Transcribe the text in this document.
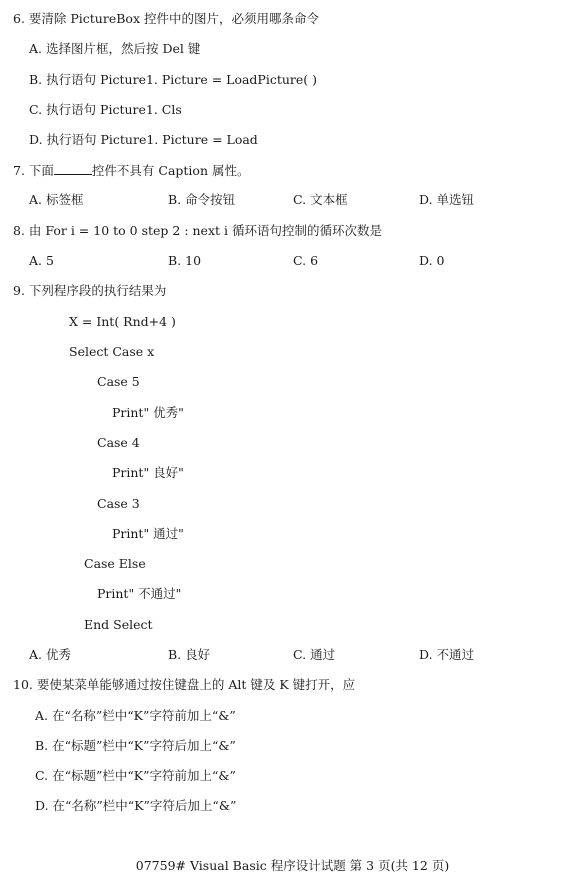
6. 要清除 PictureBox 控件中的图片，必须用哪条命令
A. 选择图片框，然后按 Del 键
B. 执行语句 Picture1. Picture = LoadPicture( )
C. 执行语句 Picture1. Cls
D. 执行语句 Picture1. Picture = Load
7. 下面	控件不具有 Caption 属性。
A. 标签框	B. 命令按钮	C. 文本框	D. 单选钮
8. 由 For i = 10 to 0 step 2 : next i 循环语句控制的循环次数是
A. 5	B. 10	C. 6	D. 0
9. 下列程序段的执行结果为
X = Int( Rnd+4 )
Select Case x
Case 5
Print" 优秀"
Case 4
Print" 良好"
Case 3
Print" 通过"
Case Else
Print" 不通过"
End Select
A. 优秀	B. 良好	C. 通过	D. 不通过
10. 要使某菜单能够通过按住键盘上的 Alt 键及 K 键打开，应
A. 在“名称”栏中“K”字符前加上“&”
B. 在“标题”栏中“K”字符后加上“&”
C. 在“标题”栏中“K”字符前加上“&”
D. 在“名称”栏中“K”字符后加上“&”
07759# Visual Basic 程序设计试题 第 3 页(共 12 页)
